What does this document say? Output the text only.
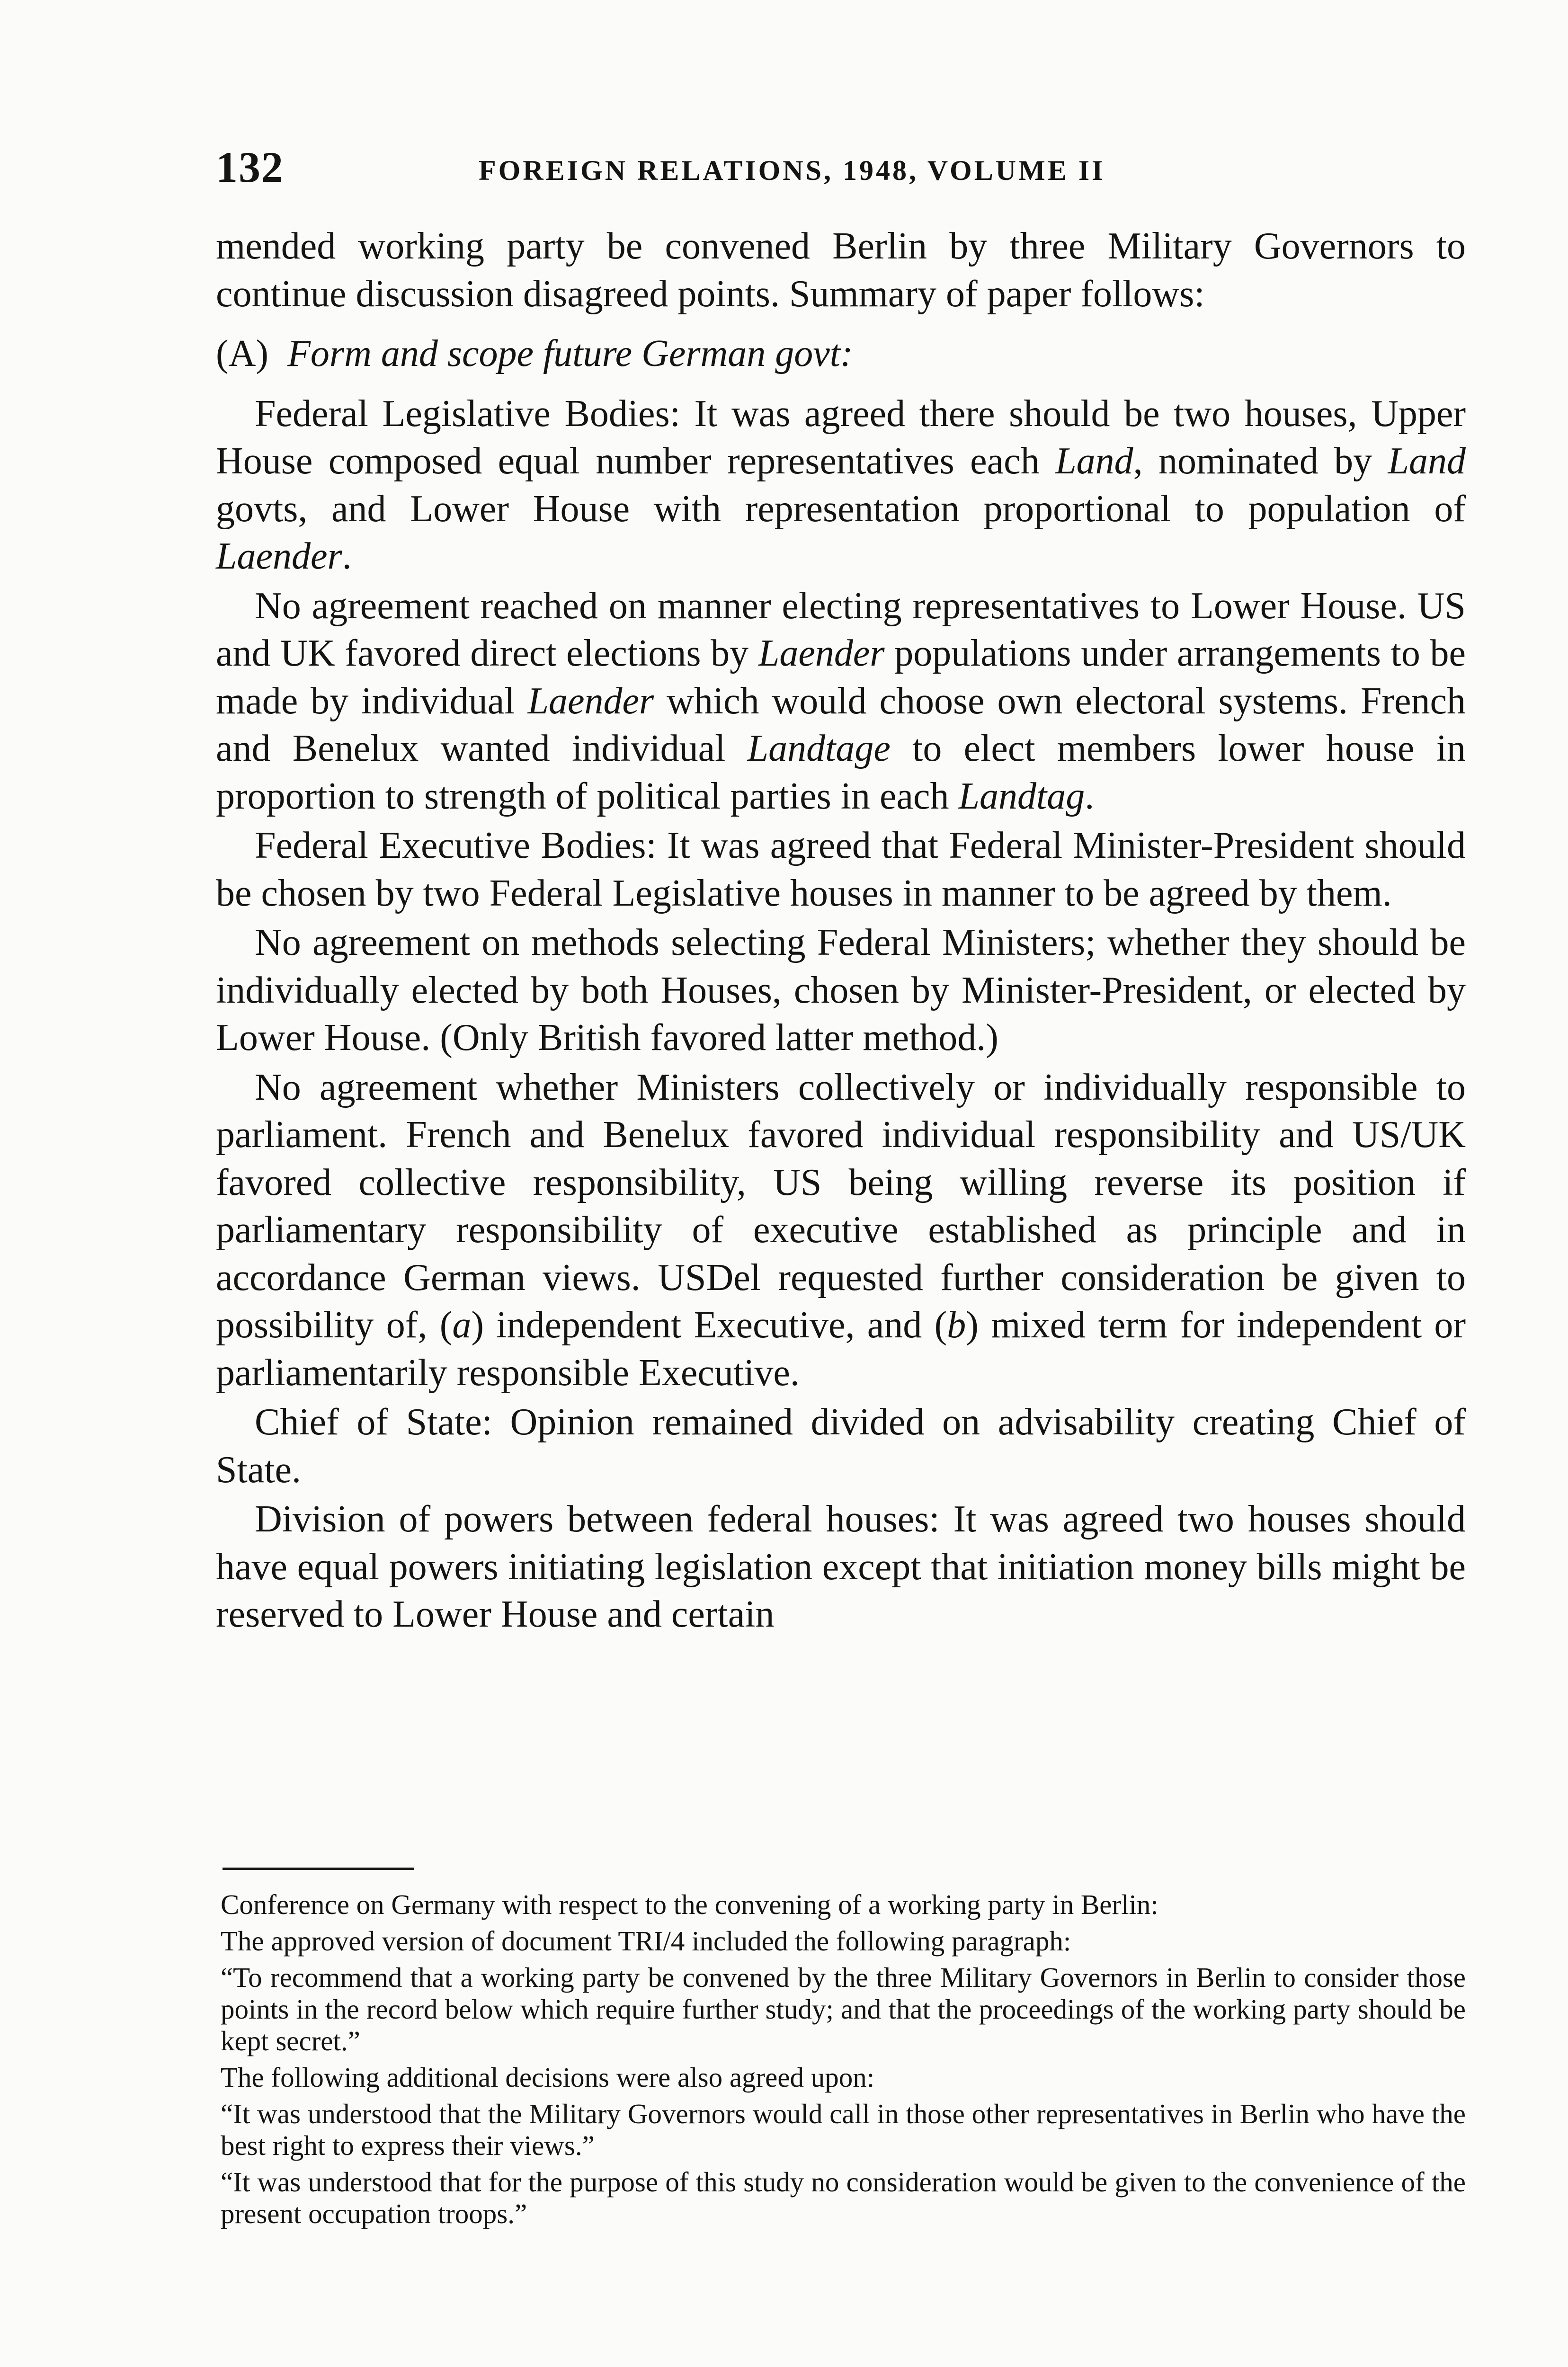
132	FOREIGN RELATIONS, 1948, VOLUME II

mended working party be convened Berlin by three Military Governors to continue discussion disagreed points. Summary of paper follows:

(A) Form and scope future German govt:

Federal Legislative Bodies: It was agreed there should be two houses, Upper House composed equal number representatives each Land, nominated by Land govts, and Lower House with representation proportional to population of Laender.

No agreement reached on manner electing representatives to Lower House. US and UK favored direct elections by Laender populations under arrangements to be made by individual Laender which would choose own electoral systems. French and Benelux wanted individual Landtage to elect members lower house in proportion to strength of political parties in each Landtag.

Federal Executive Bodies: It was agreed that Federal Minister-President should be chosen by two Federal Legislative houses in manner to be agreed by them.

No agreement on methods selecting Federal Ministers; whether they should be individually elected by both Houses, chosen by Minister-President, or elected by Lower House. (Only British favored latter method.)

No agreement whether Ministers collectively or individually responsible to parliament. French and Benelux favored individual responsibility and US/UK favored collective responsibility, US being willing reverse its position if parliamentary responsibility of executive established as principle and in accordance German views. USDel requested further consideration be given to possibility of, (a) independent Executive, and (b) mixed term for independent or parliamentarily responsible Executive.

Chief of State: Opinion remained divided on advisability creating Chief of State.

Division of powers between federal houses: It was agreed two houses should have equal powers initiating legislation except that initiation money bills might be reserved to Lower House and certain

Conference on Germany with respect to the convening of a working party in Berlin:

The approved version of document TRI/4 included the following paragraph:

“To recommend that a working party be convened by the three Military Governors in Berlin to consider those points in the record below which require further study; and that the proceedings of the working party should be kept secret.”

The following additional decisions were also agreed upon:

“It was understood that the Military Governors would call in those other representatives in Berlin who have the best right to express their views.”

“It was understood that for the purpose of this study no consideration would be given to the convenience of the present occupation troops.”
